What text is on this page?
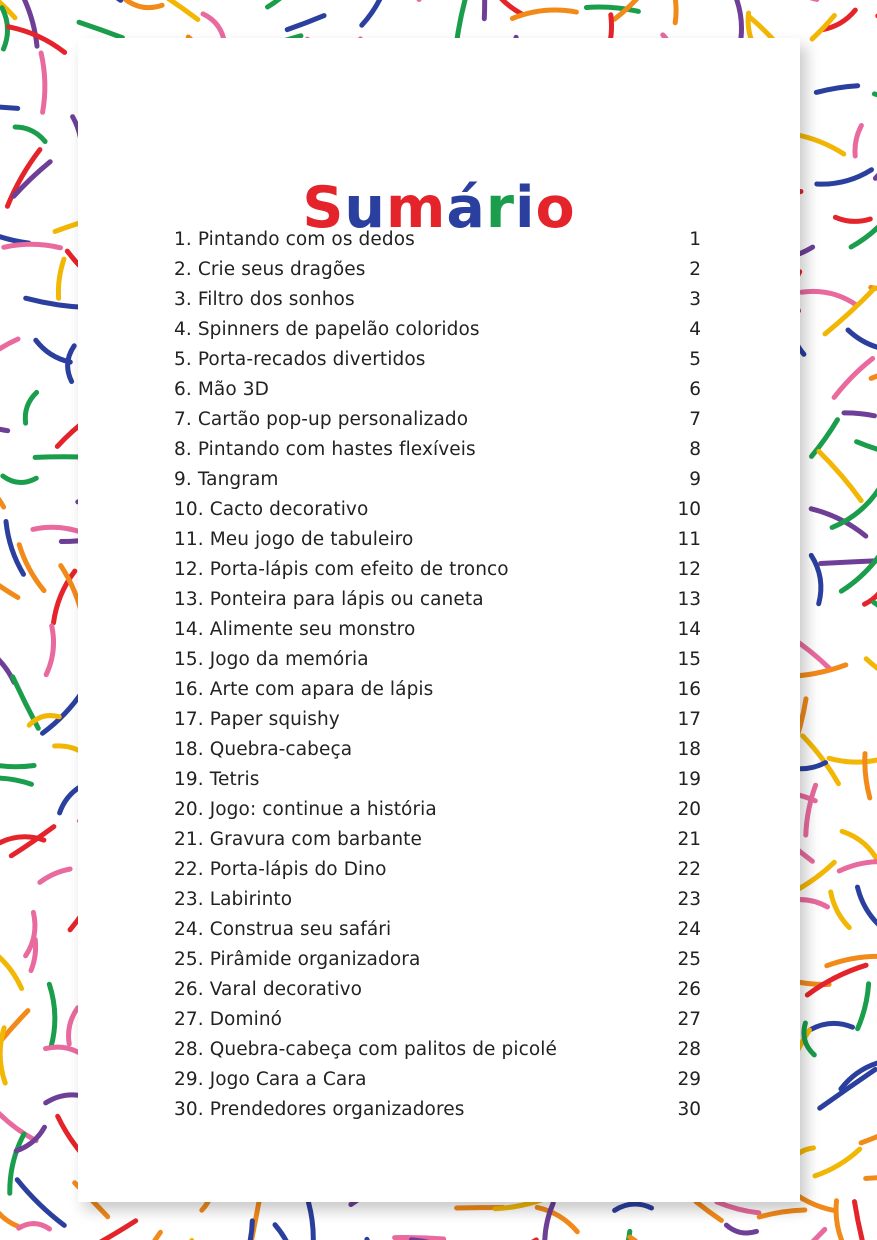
Sumário
1. Pintando com os dedos	1
2. Crie seus dragões	2
3. Filtro dos sonhos	3
4. Spinners de papelão coloridos	4
5. Porta-recados divertidos	5
6. Mão 3D	6
7. Cartão pop-up personalizado	7
8. Pintando com hastes flexíveis	8
9. Tangram	9
10. Cacto decorativo	10
11. Meu jogo de tabuleiro	11
12. Porta-lápis com efeito de tronco	12
13. Ponteira para lápis ou caneta	13
14. Alimente seu monstro	14
15. Jogo da memória	15
16. Arte com apara de lápis	16
17. Paper squishy	17
18. Quebra-cabeça	18
19. Tetris	19
20. Jogo: continue a história	20
21. Gravura com barbante	21
22. Porta-lápis do Dino	22
23. Labirinto	23
24. Construa seu safári	24
25. Pirâmide organizadora	25
26. Varal decorativo	26
27. Dominó	27
28. Quebra-cabeça com palitos de picolé	28
29. Jogo Cara a Cara	29
30. Prendedores organizadores	30
